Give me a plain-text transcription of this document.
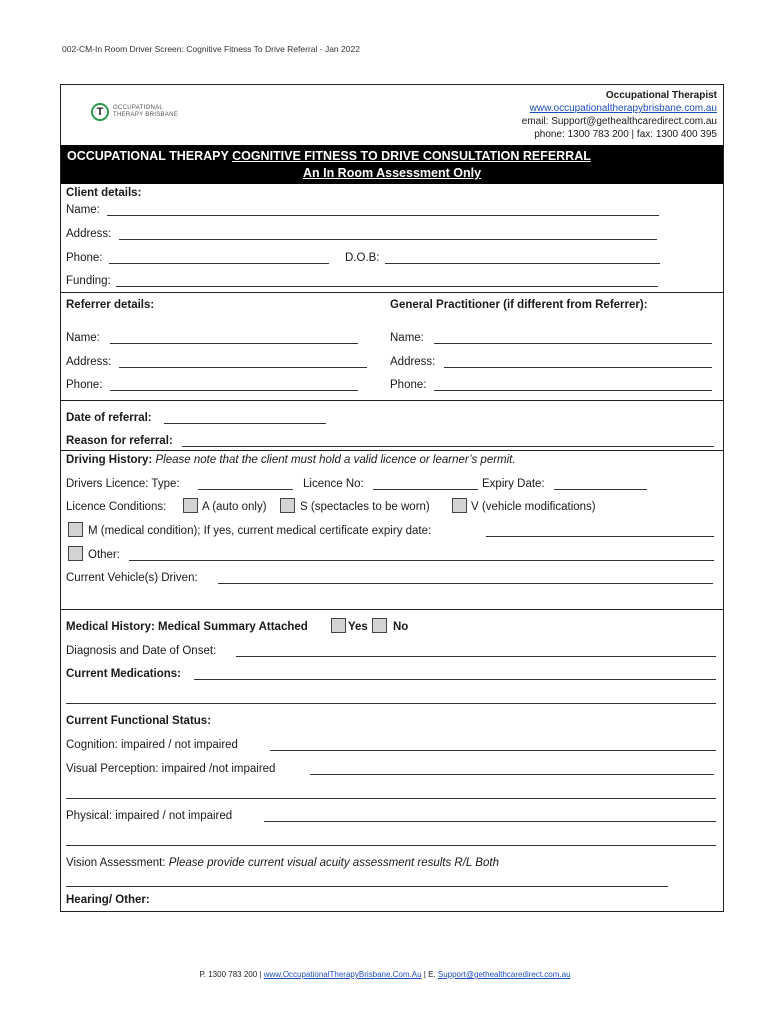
002-CM-In Room Driver Screen: Cognitive Fitness To Drive Referral - Jan 2022
T	OCCUPATIONAL
THERAPY BRISBANE
Occupational Therapist
www.occupationaltherapybrisbane.com.au
email: Support@gethealthcaredirect.com.au
phone: 1300 783 200 | fax: 1300 400 395
OCCUPATIONAL THERAPY COGNITIVE FITNESS TO DRIVE CONSULTATION REFERRAL
An In Room Assessment Only
Client details:
Name:
Address:
Phone:	D.O.B:
Funding:
Referrer details:	General Practitioner (if different from Referrer):
Name:	Name:
Address:	Address:
Phone:	Phone:
Date of referral:
Reason for referral:
Driving History: Please note that the client must hold a valid licence or learner’s permit.
Drivers Licence: Type:	Licence No:	Expiry Date:
Licence Conditions:	A (auto only)	S (spectacles to be worn)	V (vehicle modifications)
M (medical condition); If yes, current medical certificate expiry date:
Other:
Current Vehicle(s) Driven:
Medical History: Medical Summary Attached	Yes No
Diagnosis and Date of Onset:
Current Medications:
Current Functional Status:
Cognition: impaired / not impaired
Visual Perception: impaired /not impaired
Physical: impaired / not impaired
Vision Assessment: Please provide current visual acuity assessment results R/L Both
Hearing/ Other:
P. 1300 783 200 | www.OccupationalTherapyBrisbane.Com.Au | E. Support@gethealthcaredirect.com.au
